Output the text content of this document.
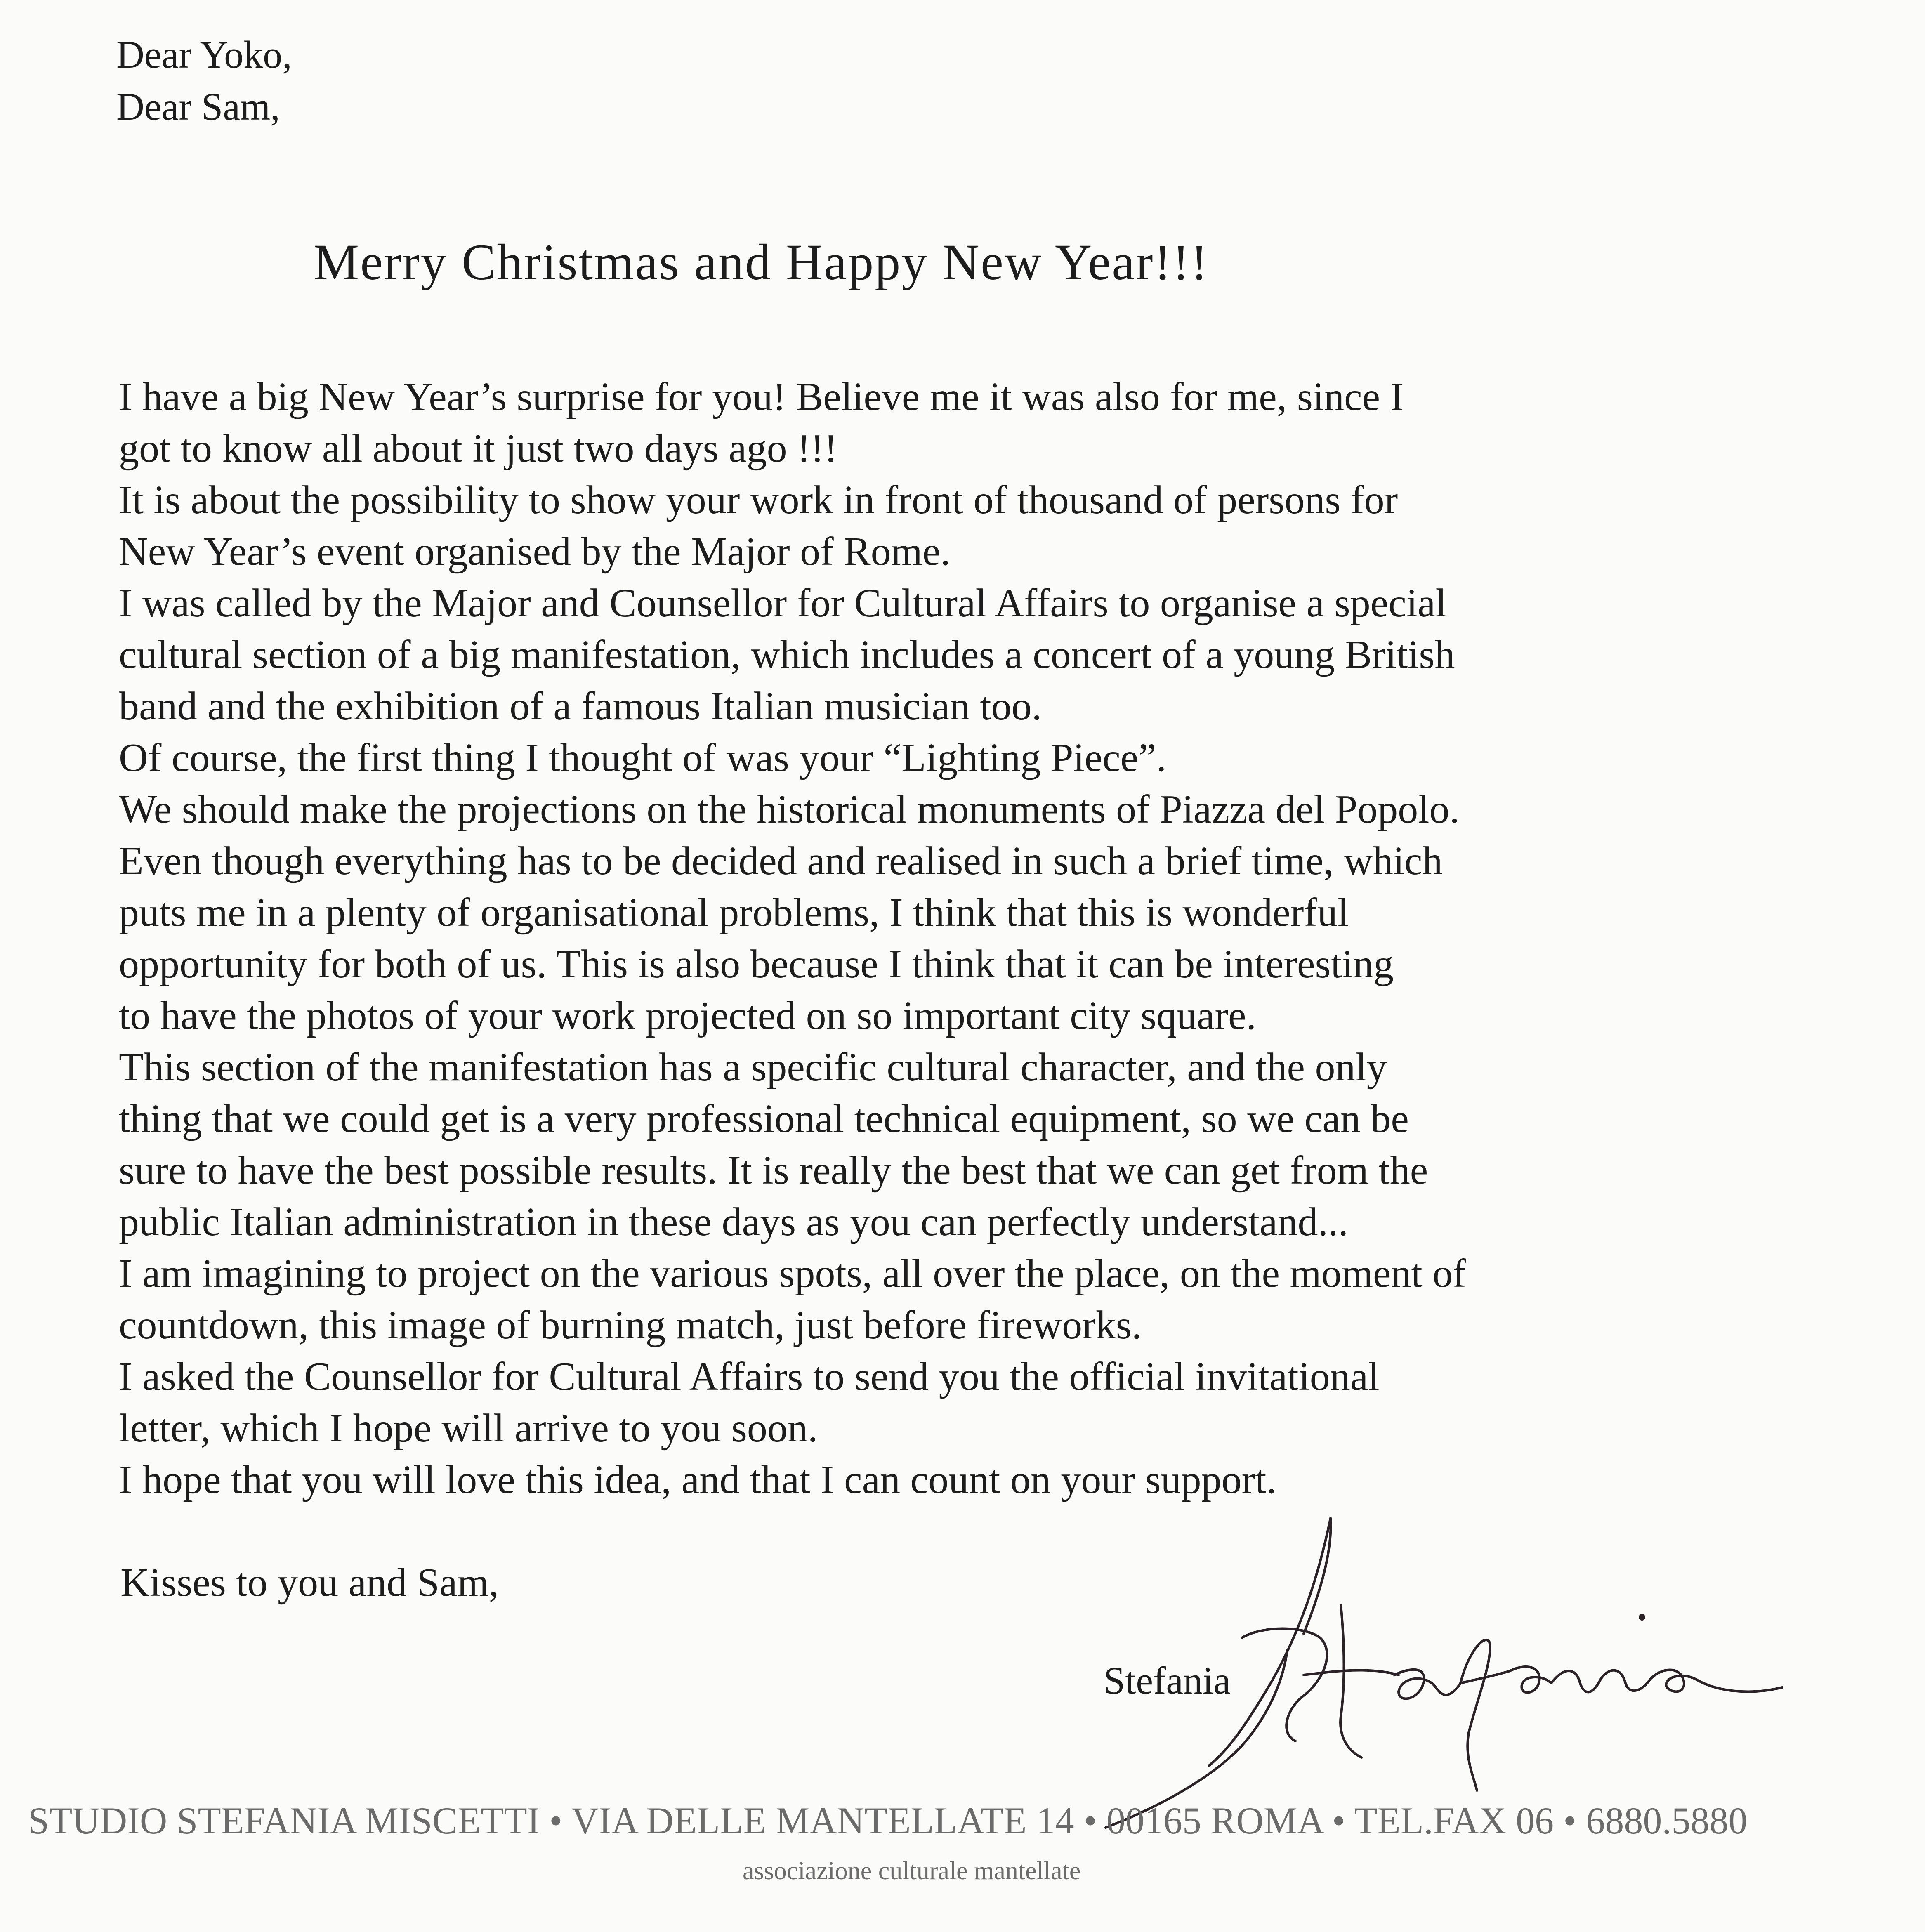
Dear Yoko,
Dear Sam,
Merry Christmas and Happy New Year!!!
I have a big New Year’s surprise for you! Believe me it was also for me, since I
got to know all about it just two days ago !!!
It is about the possibility to show your work in front of thousand of persons for
New Year’s event organised by the Major of Rome.
I was called by the Major and Counsellor for Cultural Affairs to organise a special
cultural section of a big manifestation, which includes a concert of a young British
band and the exhibition of a famous Italian musician too.
Of course, the first thing I thought of was your “Lighting Piece”.
We should make the projections on the historical monuments of Piazza del Popolo.
Even though everything has to be decided and realised in such a brief time, which
puts me in a plenty of organisational problems, I think that this is wonderful
opportunity for both of us. This is also because I think that it can be interesting
to have the photos of your work projected on so important city square.
This section of the manifestation has a specific cultural character, and the only
thing that we could get is a very professional technical equipment, so we can be
sure to have the best possible results. It is really the best that we can get from the
public Italian administration in these days as you can perfectly understand...
I am imagining to project on the various spots, all over the place, on the moment of
countdown, this image of burning match, just before fireworks.
I asked the Counsellor for Cultural Affairs to send you the official invitational
letter, which I hope will arrive to you soon.
I hope that you will love this idea, and that I can count on your support.
Kisses to you and Sam,
Stefania
STUDIO STEFANIA MISCETTI • VIA DELLE MANTELLATE 14 • 00165 ROMA • TEL.FAX 06 • 6880.5880
associazione culturale mantellate
